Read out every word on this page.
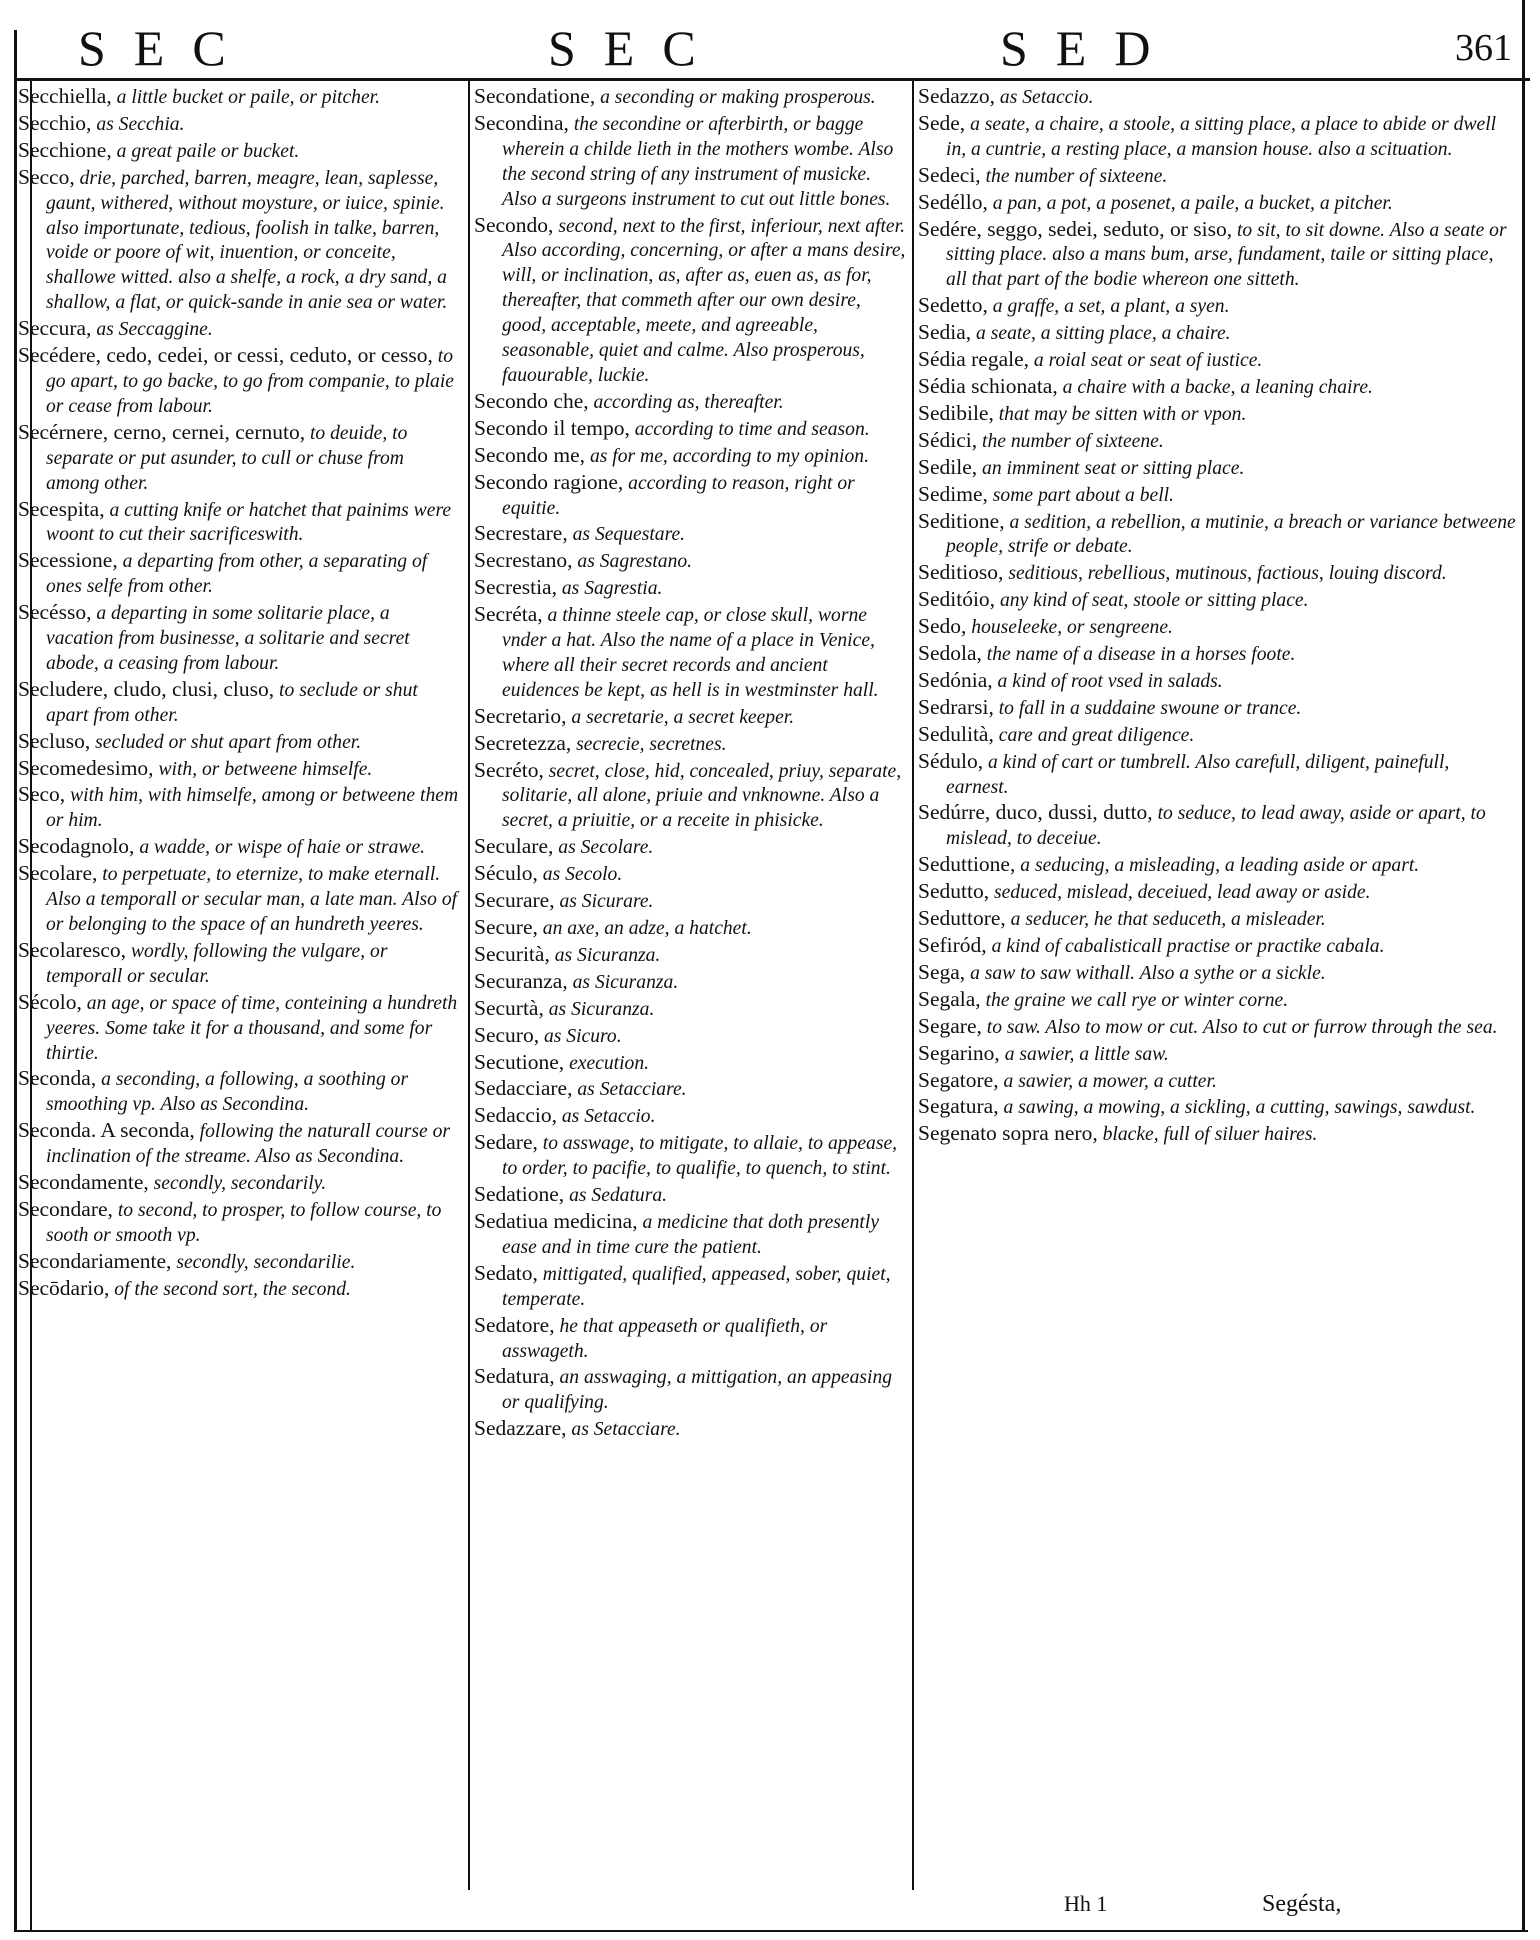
SEC	SEC	SED	361

Secchiella, a little bucket or paile, or pitcher.

Secchio, as Secchia.

Secchione, a great paile or bucket.

Secco, drie, parched, barren, meagre, lean, saplesse, gaunt, withered, without moysture, or iuice, spinie. also importunate, tedious, foolish in talke, barren, voide or poore of wit, inuention, or conceite, shallowe witted. also a shelfe, a rock, a dry sand, a shallow, a flat, or quick-sande in anie sea or water.

Seccura, as Seccaggine.

Secédere, cedo, cedei, or cessi, ceduto, or cesso, to go apart, to go backe, to go from companie, to plaie or cease from labour.

Secérnere, cerno, cernei, cernuto, to deuide, to separate or put asunder, to cull or chuse from among other.

Secespita, a cutting knife or hatchet that painims were woont to cut their sacrificeswith.

Secessione, a departing from other, a separating of ones selfe from other.

Secésso, a departing in some solitarie place, a vacation from businesse, a solitarie and secret abode, a ceasing from labour.

Secludere, cludo, clusi, cluso, to seclude or shut apart from other.

Secluso, secluded or shut apart from other.

Secomedesimo, with, or betweene himselfe.

Seco, with him, with himselfe, among or betweene them or him.

Secodagnolo, a wadde, or wispe of haie or strawe.

Secolare, to perpetuate, to eternize, to make eternall. Also a temporall or secular man, a late man. Also of or belonging to the space of an hundreth yeeres.

Secolaresco, wordly, following the vulgare, or temporall or secular.

Sécolo, an age, or space of time, conteining a hundreth yeeres. Some take it for a thousand, and some for thirtie.

Seconda, a seconding, a following, a soothing or smoothing vp. Also as Secondina.

Seconda. A seconda, following the naturall course or inclination of the streame. Also as Secondina.

Secondamente, secondly, secondarily.

Secondare, to second, to prosper, to follow course, to sooth or smooth vp.

Secondariamente, secondly, secondarilie.

Secōdario, of the second sort, the second.

Secondatione, a seconding or making prosperous.

Secondina, the secondine or afterbirth, or bagge wherein a childe lieth in the mothers wombe. Also the second string of any instrument of musicke. Also a surgeons instrument to cut out little bones.

Secondo, second, next to the first, inferiour, next after. Also according, concerning, or after a mans desire, will, or inclination, as, after as, euen as, as for, thereafter, that commeth after our own desire, good, acceptable, meete, and agreeable, seasonable, quiet and calme. Also prosperous, fauourable, luckie.

Secondo che, according as, thereafter.

Secondo il tempo, according to time and season.

Secondo me, as for me, according to my opinion.

Secondo ragione, according to reason, right or equitie.

Secrestare, as Sequestare.

Secrestano, as Sagrestano.

Secrestia, as Sagrestia.

Secréta, a thinne steele cap, or close skull, worne vnder a hat. Also the name of a place in Venice, where all their secret records and ancient euidences be kept, as hell is in westminster hall.

Secretario, a secretarie, a secret keeper.

Secretezza, secrecie, secretnes.

Secréto, secret, close, hid, concealed, priuy, separate, solitarie, all alone, priuie and vnknowne. Also a secret, a priuitie, or a receite in phisicke.

Seculare, as Secolare.

Século, as Secolo.

Securare, as Sicurare.

Secure, an axe, an adze, a hatchet.

Securità, as Sicuranza.

Securanza, as Sicuranza.

Securtà, as Sicuranza.

Securo, as Sicuro.

Secutione, execution.

Sedacciare, as Setacciare.

Sedaccio, as Setaccio.

Sedare, to asswage, to mitigate, to allaie, to appease, to order, to pacifie, to qualifie, to quench, to stint.

Sedatione, as Sedatura.

Sedatiua medicina, a medicine that doth presently ease and in time cure the patient.

Sedato, mittigated, qualified, appeased, sober, quiet, temperate.

Sedatore, he that appeaseth or qualifieth, or asswageth.

Sedatura, an asswaging, a mittigation, an appeasing or qualifying.

Sedazzare, as Setacciare.

Sedazzo, as Setaccio.

Sede, a seate, a chaire, a stoole, a sitting place, a place to abide or dwell in, a cuntrie, a resting place, a mansion house. also a scituation.

Sedeci, the number of sixteene.

Sedéllo, a pan, a pot, a posenet, a paile, a bucket, a pitcher.

Sedére, seggo, sedei, seduto, or siso, to sit, to sit downe. Also a seate or sitting place. also a mans bum, arse, fundament, taile or sitting place, all that part of the bodie whereon one sitteth.

Sedetto, a graffe, a set, a plant, a syen.

Sedia, a seate, a sitting place, a chaire.

Sédia regale, a roial seat or seat of iustice.

Sédia schionata, a chaire with a backe, a leaning chaire.

Sedibile, that may be sitten with or vpon.

Sédici, the number of sixteene.

Sedile, an imminent seat or sitting place.

Sedime, some part about a bell.

Seditione, a sedition, a rebellion, a mutinie, a breach or variance betweene people, strife or debate.

Seditioso, seditious, rebellious, mutinous, factious, louing discord.

Seditóio, any kind of seat, stoole or sitting place.

Sedo, houseleeke, or sengreene.

Sedola, the name of a disease in a horses foote.

Sedónia, a kind of root vsed in salads.

Sedrarsi, to fall in a suddaine swoune or trance.

Sedulità, care and great diligence.

Sédulo, a kind of cart or tumbrell. Also carefull, diligent, painefull, earnest.

Sedúrre, duco, dussi, dutto, to seduce, to lead away, aside or apart, to mislead, to deceiue.

Seduttione, a seducing, a misleading, a leading aside or apart.

Sedutto, seduced, mislead, deceiued, lead away or aside.

Seduttore, a seducer, he that seduceth, a misleader.

Sefiród, a kind of cabalisticall practise or practike cabala.

Sega, a saw to saw withall. Also a sythe or a sickle.

Segala, the graine we call rye or winter corne.

Segare, to saw. Also to mow or cut. Also to cut or furrow through the sea.

Segarino, a sawier, a little saw.

Segatore, a sawier, a mower, a cutter.

Segatura, a sawing, a mowing, a sickling, a cutting, sawings, sawdust.

Segenato sopra nero, blacke, full of siluer haires.

Hh 1	Segésta,
